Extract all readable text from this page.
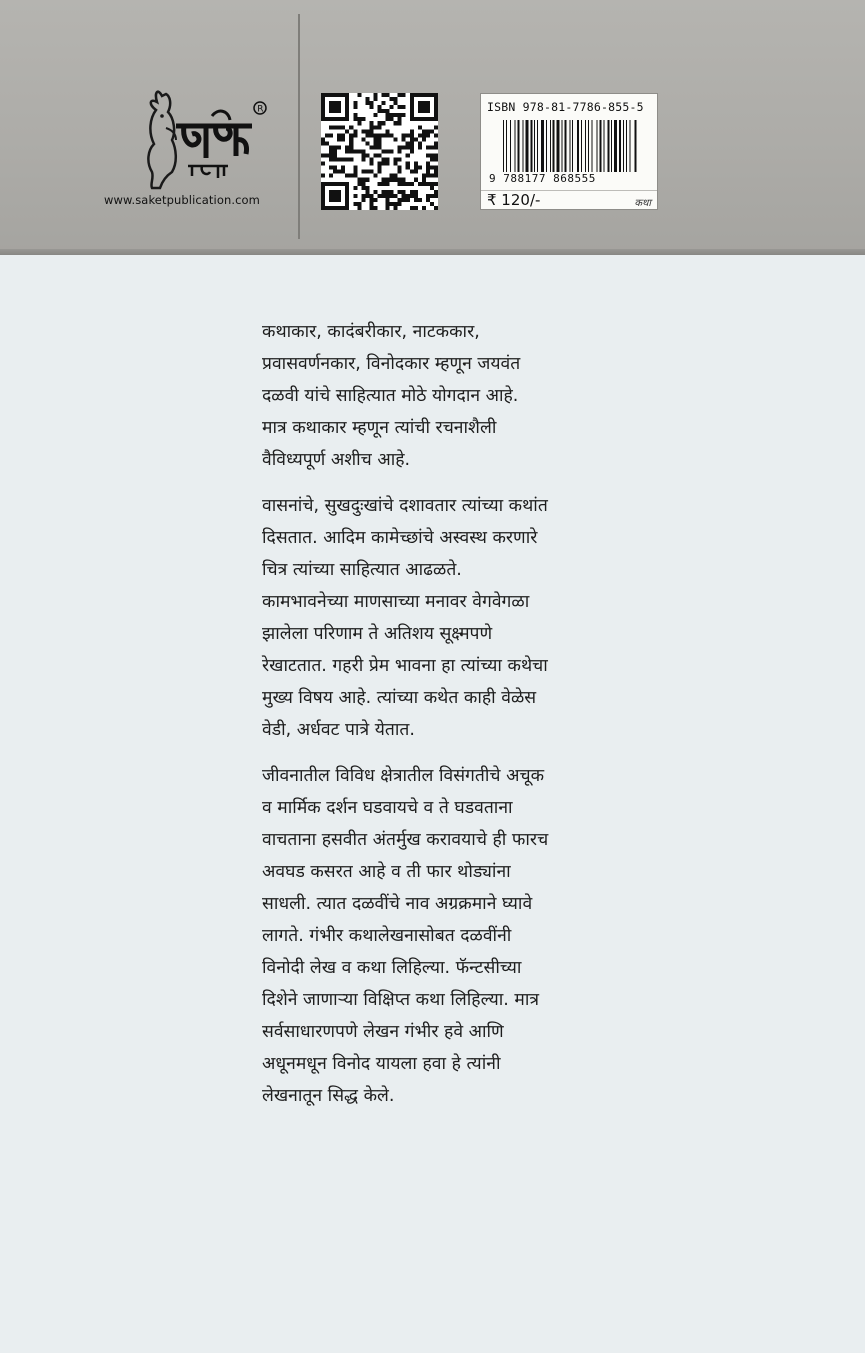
R
www.saketpublication.com
ISBN 978-81-7786-855-5
9 788177 868555
₹ 120/-	कथा
कथाकार, कादंबरीकार, नाटककार,
प्रवासवर्णनकार, विनोदकार म्हणून जयवंत
दळवी यांचे साहित्यात मोठे योगदान आहे.
मात्र कथाकार म्हणून त्यांची रचनाशैली
वैविध्यपूर्ण अशीच आहे.
वासनांचे, सुखदुःखांचे दशावतार त्यांच्या कथांत
दिसतात. आदिम कामेच्छांचे अस्वस्थ करणारे
चित्र त्यांच्या साहित्यात आढळते.
कामभावनेच्या माणसाच्या मनावर वेगवेगळा
झालेला परिणाम ते अतिशय सूक्ष्मपणे
रेखाटतात. गहरी प्रेम भावना हा त्यांच्या कथेचा
मुख्य विषय आहे. त्यांच्या कथेत काही वेळेस
वेडी, अर्धवट पात्रे येतात.
जीवनातील विविध क्षेत्रातील विसंगतीचे अचूक
व मार्मिक दर्शन घडवायचे व ते घडवताना
वाचताना हसवीत अंतर्मुख करावयाचे ही फारच
अवघड कसरत आहे व ती फार थोड्यांना
साधली. त्यात दळवींचे नाव अग्रक्रमाने घ्यावे
लागते. गंभीर कथालेखनासोबत दळवींनी
विनोदी लेख व कथा लिहिल्या. फॅन्टसीच्या
दिशेने जाणाऱ्या विक्षिप्त कथा लिहिल्या. मात्र
सर्वसाधारणपणे लेखन गंभीर हवे आणि
अधूनमधून विनोद यायला हवा हे त्यांनी
लेखनातून सिद्ध केले.
